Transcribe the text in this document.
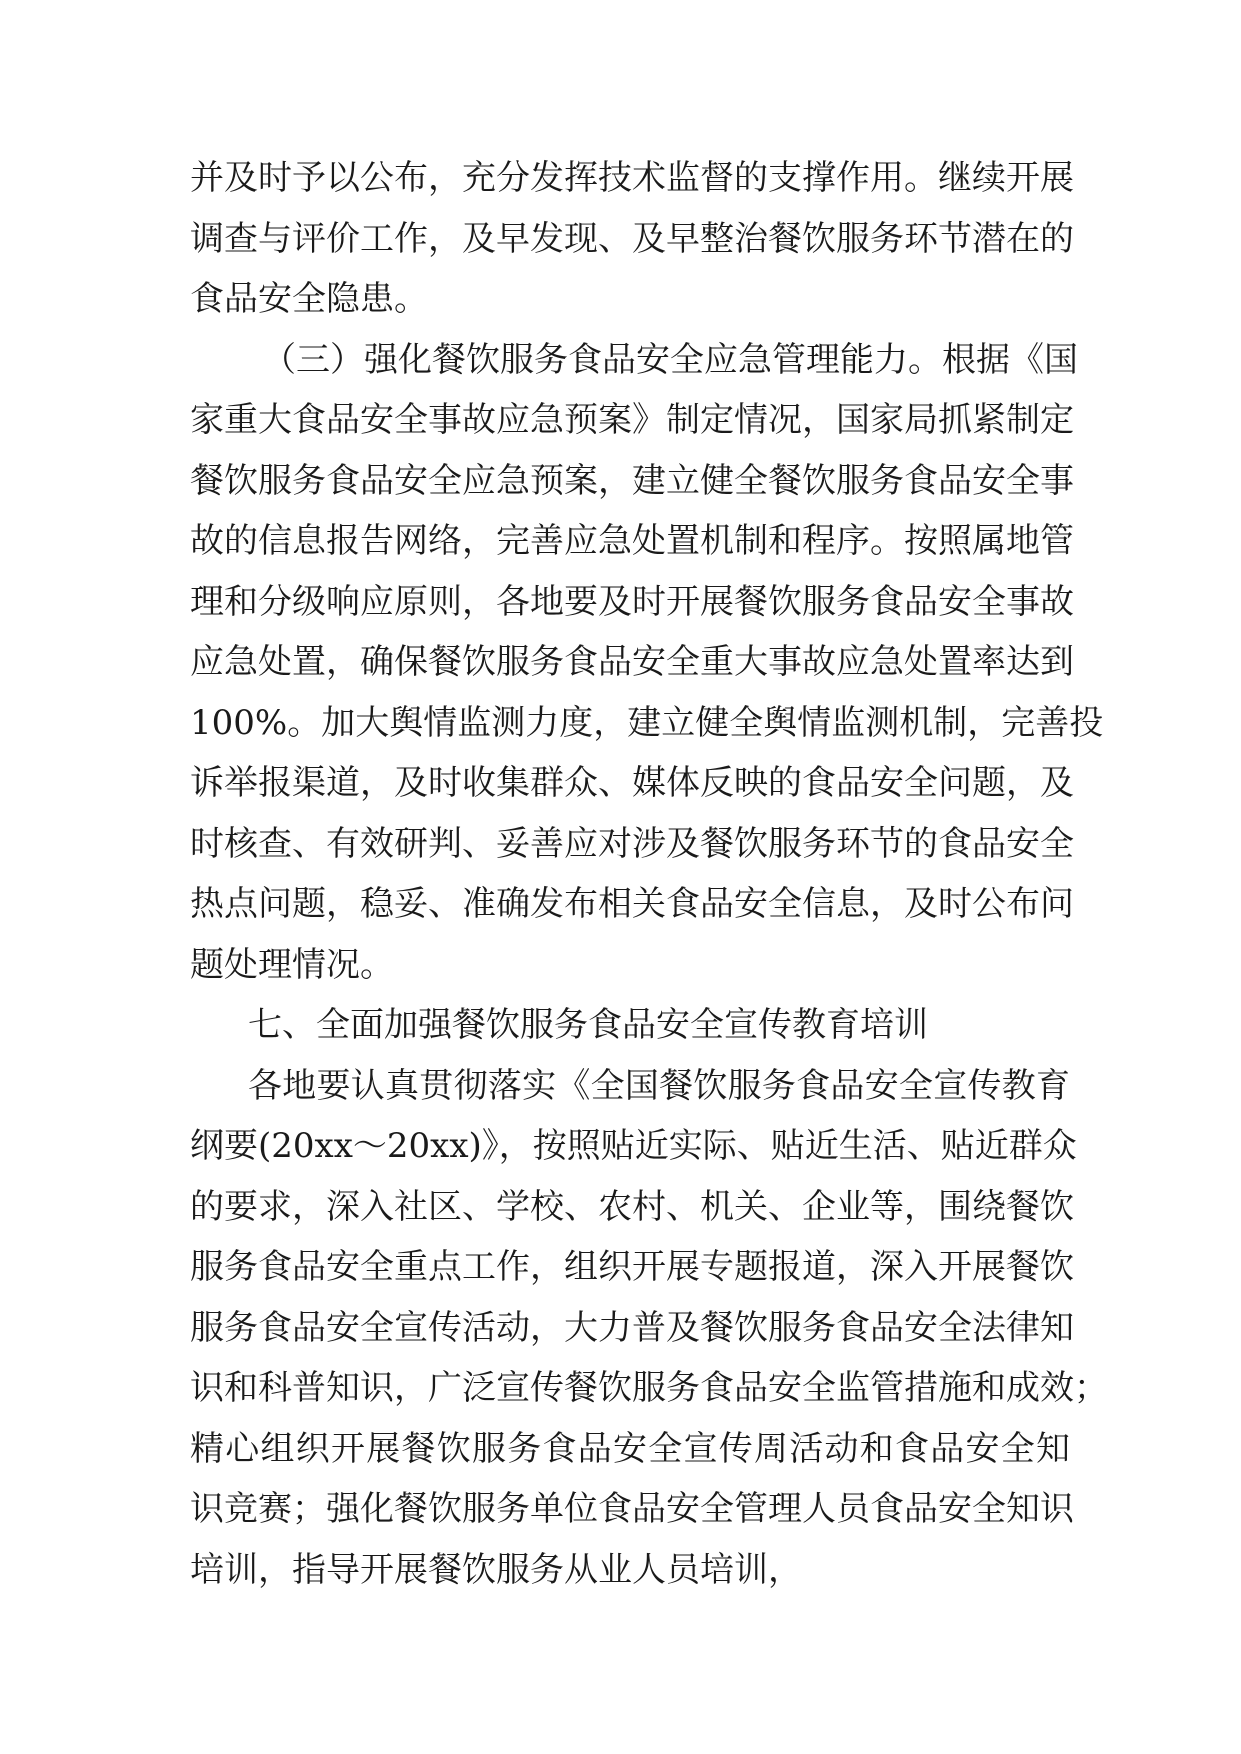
并及时予以公布，充分发挥技术监督的支撑作用。继续开展
调查与评价工作，及早发现、及早整治餐饮服务环节潜在的
食品安全隐患。
（三）强化餐饮服务食品安全应急管理能力。根据《国
家重大食品安全事故应急预案》制定情况，国家局抓紧制定
餐饮服务食品安全应急预案，建立健全餐饮服务食品安全事
故的信息报告网络，完善应急处置机制和程序。按照属地管
理和分级响应原则，各地要及时开展餐饮服务食品安全事故
应急处置，确保餐饮服务食品安全重大事故应急处置率达到
100%。加大舆情监测力度，建立健全舆情监测机制，完善投
诉举报渠道，及时收集群众、媒体反映的食品安全问题，及
时核查、有效研判、妥善应对涉及餐饮服务环节的食品安全
热点问题，稳妥、准确发布相关食品安全信息，及时公布问
题处理情况。
七、全面加强餐饮服务食品安全宣传教育培训
各地要认真贯彻落实《全国餐饮服务食品安全宣传教育
纲要(20xx～20xx)》，按照贴近实际、贴近生活、贴近群众
的要求，深入社区、学校、农村、机关、企业等，围绕餐饮
服务食品安全重点工作，组织开展专题报道，深入开展餐饮
服务食品安全宣传活动，大力普及餐饮服务食品安全法律知
识和科普知识，广泛宣传餐饮服务食品安全监管措施和成效；
精心组织开展餐饮服务食品安全宣传周活动和食品安全知
识竞赛；强化餐饮服务单位食品安全管理人员食品安全知识
培训，指导开展餐饮服务从业人员培训，
